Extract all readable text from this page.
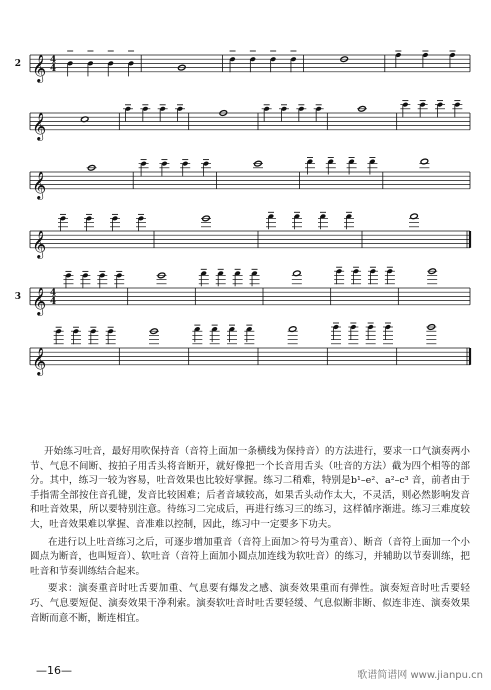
2 𝄞 4
4
𝄞
𝄞
𝄞
3 𝄞 4
4
𝄞

开始练习吐音，最好用吹保持音（音符上面加一条横线为保持音）的方法进行，要求一口气演奏两小节、气息不间断、按拍子用舌头将音断开，就好像把一个长音用舌头（吐音的方法）截为四个相等的部分。其中，练习一较为容易，吐音效果也比较好掌握。练习二稍难，特别是b¹–e²、a²–c³ 音，前者由于手指需全部按住音孔键，发音比较困难；后者音域较高，如果舌头动作太大，不灵活，则必然影响发音和吐音效果，所以要特别注意。待练习二完成后，再进行练习三的练习，这样循序渐进。练习三难度较大，吐音效果难以掌握、音准难以控制，因此，练习中一定要多下功夫。

在进行以上吐音练习之后，可逐步增加重音（音符上面加＞符号为重音）、断音（音符上面加一个小圆点为断音，也叫短音）、软吐音（音符上面加小圆点加连线为软吐音）的练习，并辅助以节奏训练，把吐音和节奏训练结合起来。

要求：演奏重音时吐舌要加重、气息要有爆发之感、演奏效果重而有弹性。演奏短音时吐舌要轻巧、气息要短促、演奏效果干净利索。演奏软吐音时吐舌要轻缓、气息似断非断、似连非连、演奏效果音断而意不断，断连相宜。

—16—	歌谱简谱网 www.jianpu.cn
